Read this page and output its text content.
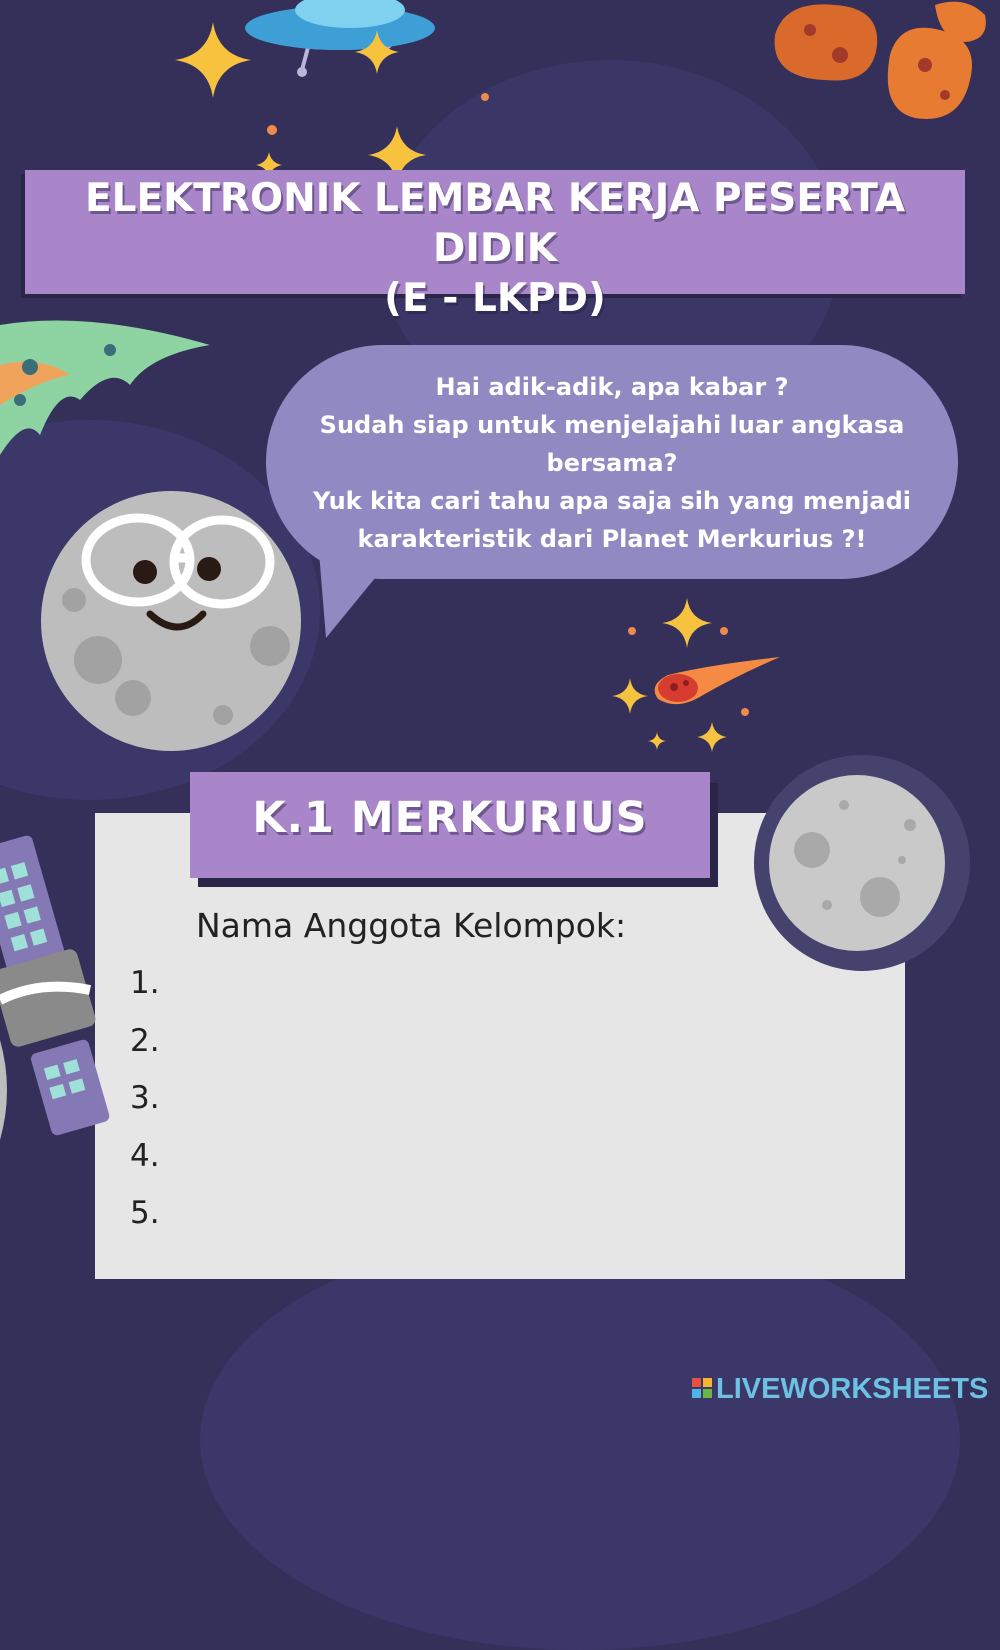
ELEKTRONIK LEMBAR KERJA PESERTA DIDIK
(E - LKPD)
Hai adik-adik, apa kabar ?
Sudah siap untuk menjelajahi luar angkasa
bersama?
Yuk kita cari tahu apa saja sih yang menjadi
karakteristik dari Planet Merkurius ?!
K.1 MERKURIUS
Nama Anggota Kelompok:
1.
2.
3.
4.
5.
LIVEWORKSHEETS
